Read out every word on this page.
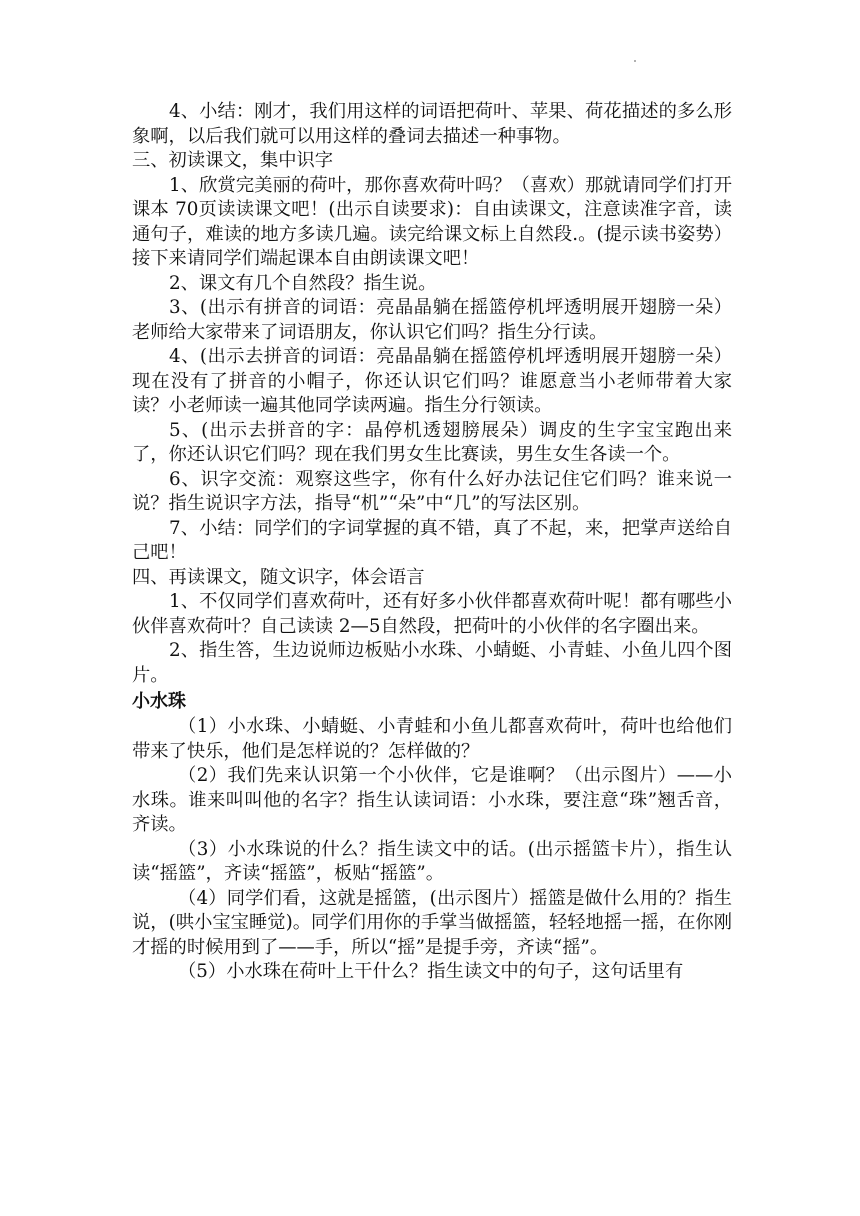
4、小结：刚才，我们用这样的词语把荷叶、苹果、荷花描述的多么形象啊，以后我们就可以用这样的叠词去描述一种事物。

三、初读课文，集中识字

1、欣赏完美丽的荷叶，那你喜欢荷叶吗？（喜欢）那就请同学们打开课本 70页读读课文吧！(出示自读要求)：自由读课文，注意读准字音，读通句子，难读的地方多读几遍。读完给课文标上自然段.。(提示读书姿势）接下来请同学们端起课本自由朗读课文吧！

2、课文有几个自然段？指生说。

3、(出示有拼音的词语：亮晶晶躺在摇篮停机坪透明展开翅膀一朵）老师给大家带来了词语朋友，你认识它们吗？指生分行读。

4、(出示去拼音的词语：亮晶晶躺在摇篮停机坪透明展开翅膀一朵）现在没有了拼音的小帽子，你还认识它们吗？谁愿意当小老师带着大家读？小老师读一遍其他同学读两遍。指生分行领读。

5、(出示去拼音的字：晶停机透翅膀展朵）调皮的生字宝宝跑出来了，你还认识它们吗？现在我们男女生比赛读，男生女生各读一个。

6、识字交流：观察这些字，你有什么好办法记住它们吗？谁来说一说？指生说识字方法，指导“机”“朵”中“几”的写法区别。

7、小结：同学们的字词掌握的真不错，真了不起，来，把掌声送给自己吧！

四、再读课文，随文识字，体会语言

1、不仅同学们喜欢荷叶，还有好多小伙伴都喜欢荷叶呢！都有哪些小伙伴喜欢荷叶？自己读读 2—5自然段，把荷叶的小伙伴的名字圈出来。

2、指生答，生边说师边板贴小水珠、小蜻蜓、小青蛙、小鱼儿四个图片。

小水珠

（1）小水珠、小蜻蜓、小青蛙和小鱼儿都喜欢荷叶，荷叶也给他们带来了快乐，他们是怎样说的？怎样做的？

（2）我们先来认识第一个小伙伴，它是谁啊？（出示图片）——小水珠。谁来叫叫他的名字？指生认读词语：小水珠，要注意“珠”翘舌音，齐读。

（3）小水珠说的什么？指生读文中的话。(出示摇篮卡片），指生认读“摇篮”，齐读“摇篮”，板贴“摇篮”。

（4）同学们看，这就是摇篮，(出示图片）摇篮是做什么用的？指生说，(哄小宝宝睡觉)。同学们用你的手掌当做摇篮，轻轻地摇一摇，在你刚才摇的时候用到了——手，所以“摇”是提手旁，齐读“摇”。

（5）小水珠在荷叶上干什么？指生读文中的句子，这句话里有
